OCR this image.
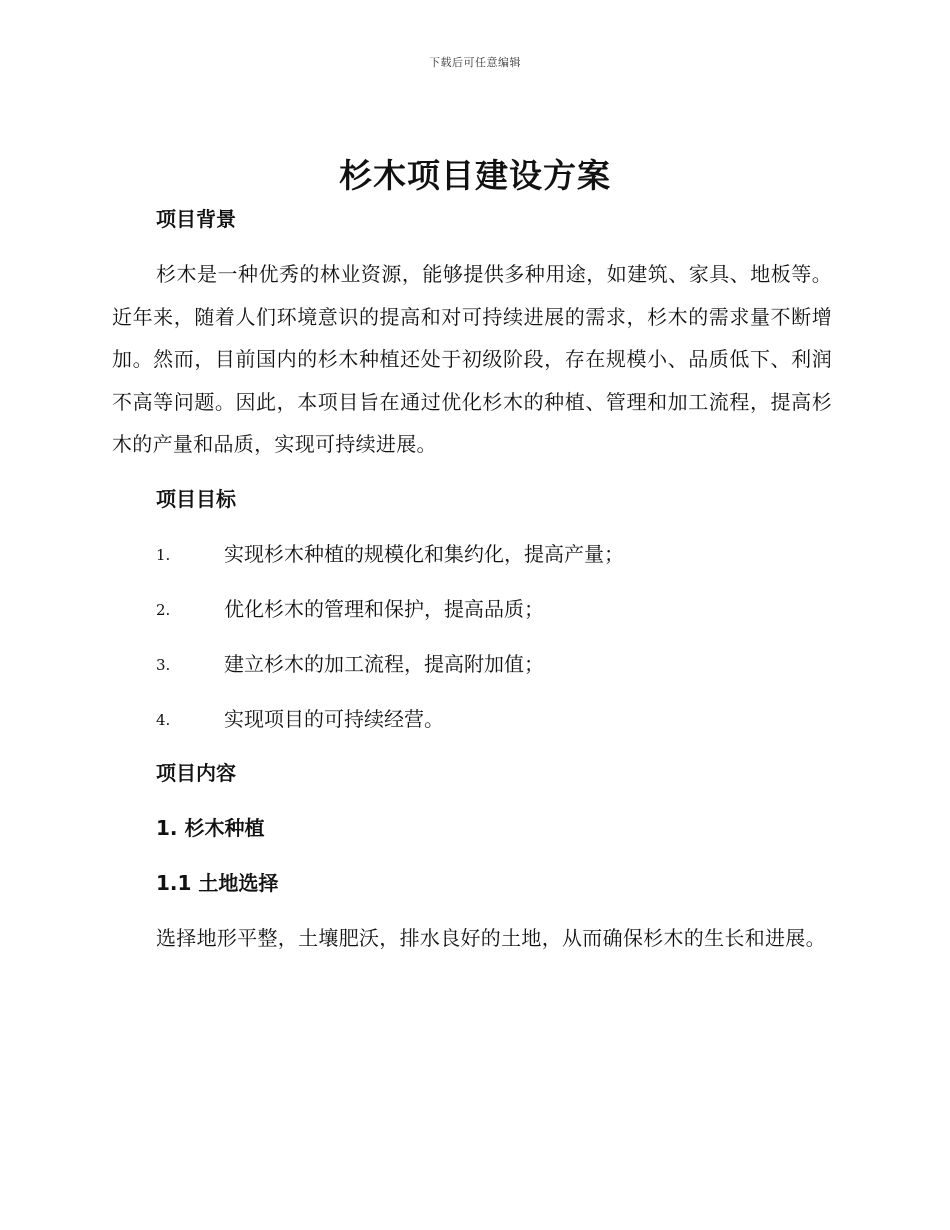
下载后可任意编辑
杉木项目建设方案
项目背景
杉木是一种优秀的林业资源，能够提供多种用途，如建筑、家具、地板等。近年来，随着人们环境意识的提高和对可持续进展的需求，杉木的需求量不断增加。然而，目前国内的杉木种植还处于初级阶段，存在规模小、品质低下、利润不高等问题。因此，本项目旨在通过优化杉木的种植、管理和加工流程，提高杉木的产量和品质，实现可持续进展。
项目目标
1.	实现杉木种植的规模化和集约化，提高产量；
2.	优化杉木的管理和保护，提高品质；
3.	建立杉木的加工流程，提高附加值；
4.	实现项目的可持续经营。
项目内容
1. 杉木种植
1.1 土地选择
选择地形平整，土壤肥沃，排水良好的土地，从而确保杉木的生长和进展。
